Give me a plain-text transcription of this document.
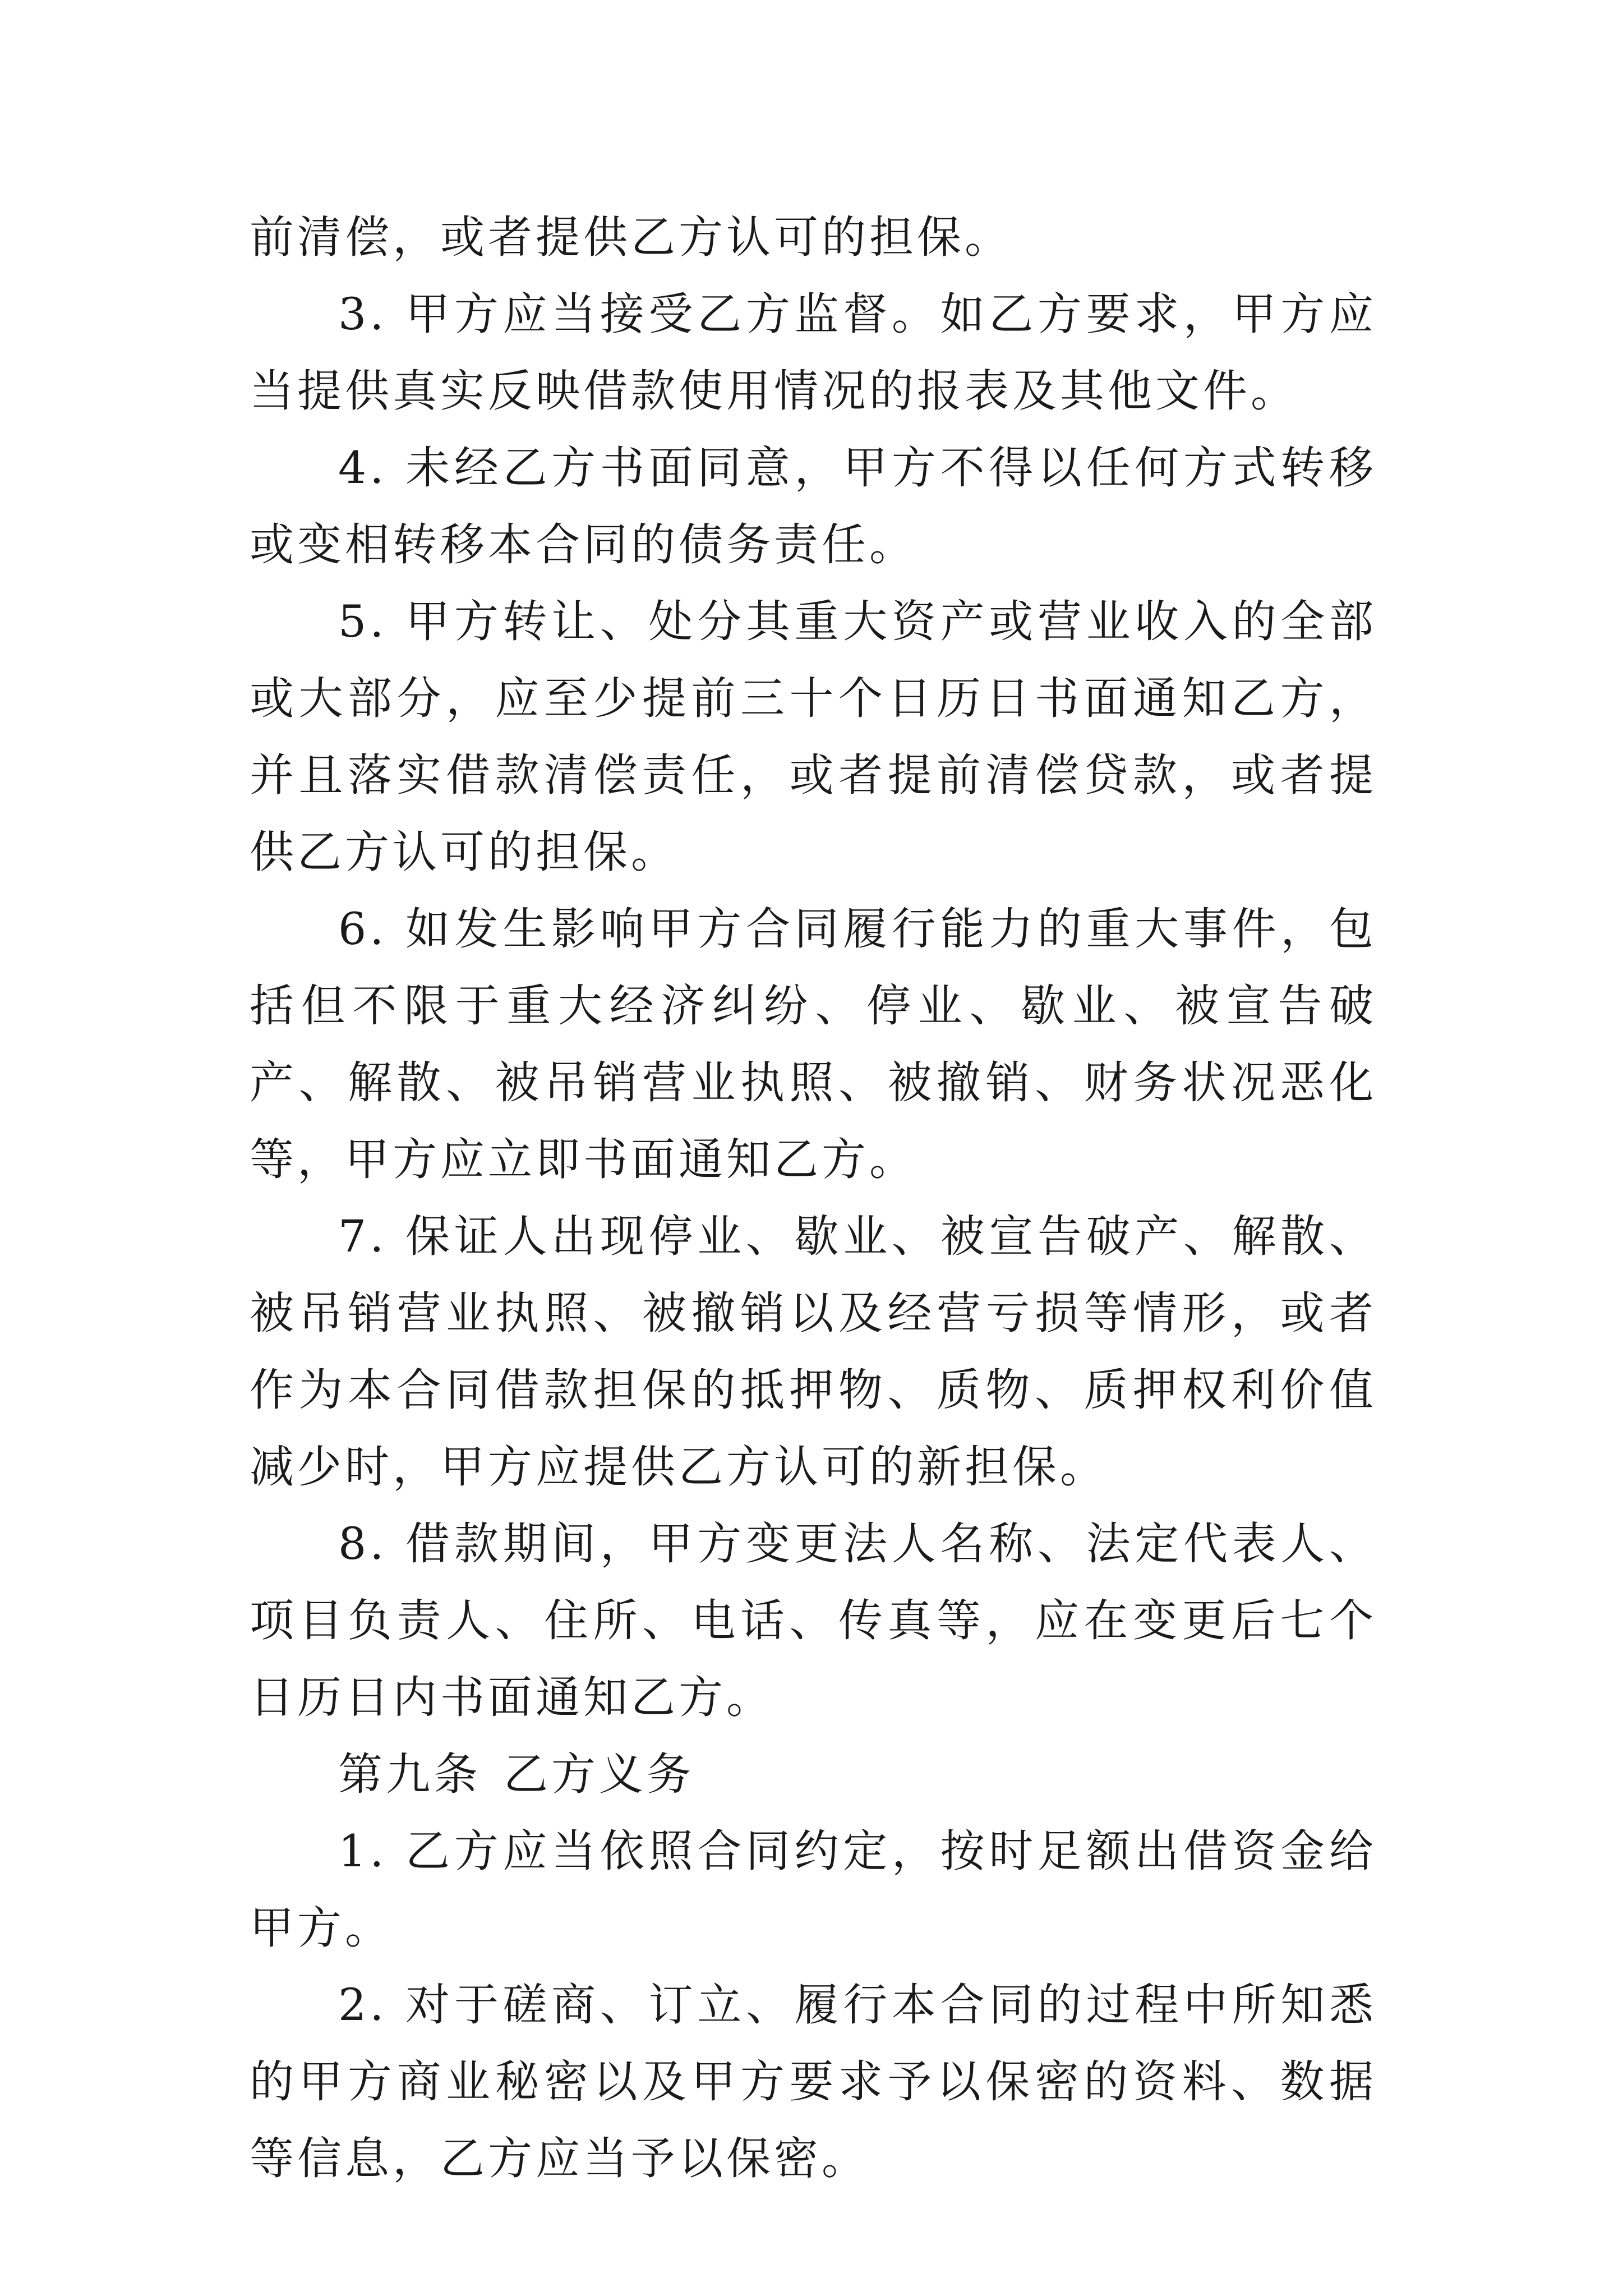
前清偿，或者提供乙方认可的担保。

3. 甲方应当接受乙方监督。如乙方要求，甲方应当提供真实反映借款使用情况的报表及其他文件。

4. 未经乙方书面同意，甲方不得以任何方式转移或变相转移本合同的债务责任。

5. 甲方转让、处分其重大资产或营业收入的全部或大部分，应至少提前三十个日历日书面通知乙方，并且落实借款清偿责任，或者提前清偿贷款，或者提供乙方认可的担保。

6. 如发生影响甲方合同履行能力的重大事件，包括但不限于重大经济纠纷、停业、歇业、被宣告破产、解散、被吊销营业执照、被撤销、财务状况恶化等，甲方应立即书面通知乙方。

7. 保证人出现停业、歇业、被宣告破产、解散、被吊销营业执照、被撤销以及经营亏损等情形，或者作为本合同借款担保的抵押物、质物、质押权利价值减少时，甲方应提供乙方认可的新担保。

8. 借款期间，甲方变更法人名称、法定代表人、项目负责人、住所、电话、传真等，应在变更后七个日历日内书面通知乙方。

第九条 乙方义务

1. 乙方应当依照合同约定，按时足额出借资金给甲方。

2. 对于磋商、订立、履行本合同的过程中所知悉的甲方商业秘密以及甲方要求予以保密的资料、数据等信息，乙方应当予以保密。
